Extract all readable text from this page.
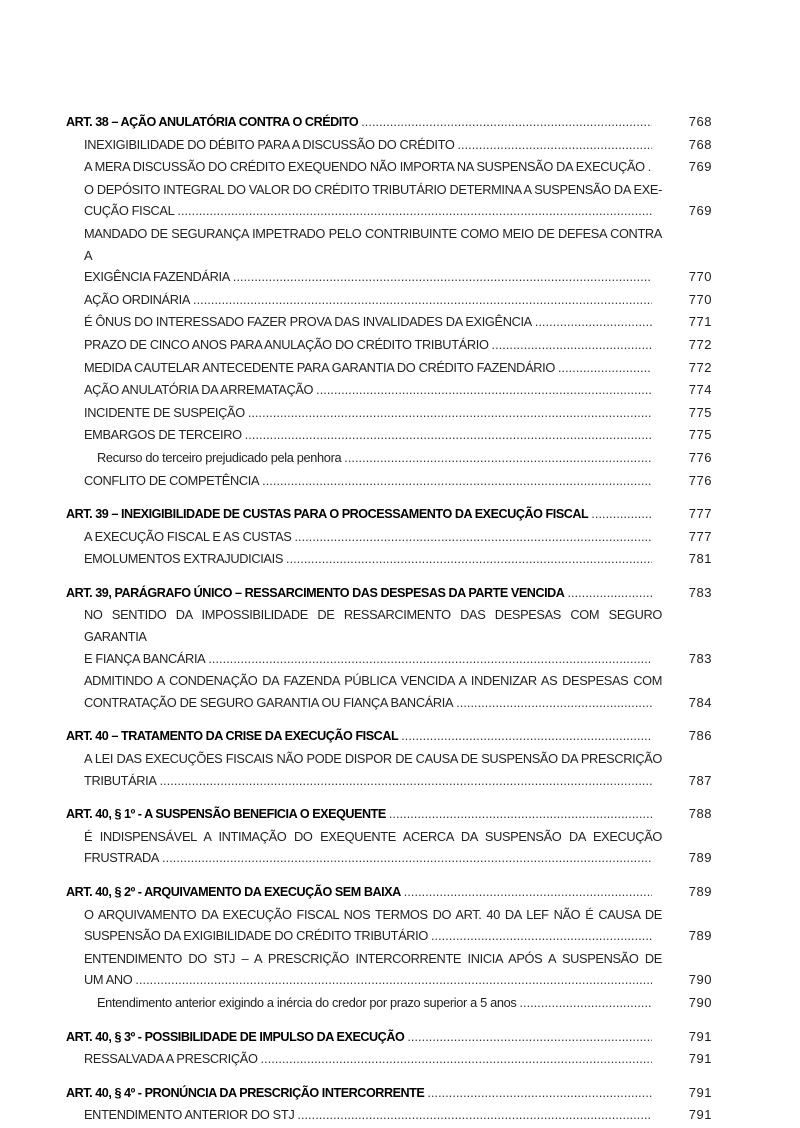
ART. 38 – AÇÃO ANULATÓRIA CONTRA O CRÉDITO .....	768
INEXIGIBILIDADE DO DÉBITO PARA A DISCUSSÃO DO CRÉDITO .....	768
A MERA DISCUSSÃO DO CRÉDITO EXEQUENDO NÃO IMPORTA NA SUSPENSÃO DA EXECUÇÃO .....	769
O DEPÓSITO INTEGRAL DO VALOR DO CRÉDITO TRIBUTÁRIO DETERMINA A SUSPENSÃO DA EXE-
CUÇÃO FISCAL .....	769
MANDADO DE SEGURANÇA IMPETRADO PELO CONTRIBUINTE COMO MEIO DE DEFESA CONTRA A
EXIGÊNCIA FAZENDÁRIA .....	770
AÇÃO ORDINÁRIA .....	770
É ÔNUS DO INTERESSADO FAZER PROVA DAS INVALIDADES DA EXIGÊNCIA .....	771
PRAZO DE CINCO ANOS PARA ANULAÇÃO DO CRÉDITO TRIBUTÁRIO .....	772
MEDIDA CAUTELAR ANTECEDENTE PARA GARANTIA DO CRÉDITO FAZENDÁRIO .....	772
AÇÃO ANULATÓRIA DA ARREMATAÇÃO .....	774
INCIDENTE DE SUSPEIÇÃO .....	775
EMBARGOS DE TERCEIRO .....	775
Recurso do terceiro prejudicado pela penhora .....	776
CONFLITO DE COMPETÊNCIA .....	776
ART. 39 – INEXIGIBILIDADE DE CUSTAS PARA O PROCESSAMENTO DA EXECUÇÃO FISCAL .....	777
A EXECUÇÃO FISCAL E AS CUSTAS .....	777
EMOLUMENTOS EXTRAJUDICIAIS .....	781
ART. 39, PARÁGRAFO ÚNICO – RESSARCIMENTO DAS DESPESAS DA PARTE VENCIDA .....	783
NO SENTIDO DA IMPOSSIBILIDADE DE RESSARCIMENTO DAS DESPESAS COM SEGURO GARANTIA
E FIANÇA BANCÁRIA .....	783
ADMITINDO A CONDENAÇÃO DA FAZENDA PÚBLICA VENCIDA A INDENIZAR AS DESPESAS COM
CONTRATAÇÃO DE SEGURO GARANTIA OU FIANÇA BANCÁRIA .....	784
ART. 40 – TRATAMENTO DA CRISE DA EXECUÇÃO FISCAL .....	786
A LEI DAS EXECUÇÕES FISCAIS NÃO PODE DISPOR DE CAUSA DE SUSPENSÃO DA PRESCRIÇÃO
TRIBUTÁRIA .....	787
ART. 40, § 1º - A SUSPENSÃO BENEFICIA O EXEQUENTE .....	788
É INDISPENSÁVEL A INTIMAÇÃO DO EXEQUENTE ACERCA DA SUSPENSÃO DA EXECUÇÃO
FRUSTRADA .....	789
ART. 40, § 2º - ARQUIVAMENTO DA EXECUÇÃO SEM BAIXA .....	789
O ARQUIVAMENTO DA EXECUÇÃO FISCAL NOS TERMOS DO ART. 40 DA LEF NÃO É CAUSA DE
SUSPENSÃO DA EXIGIBILIDADE DO CRÉDITO TRIBUTÁRIO .....	789
ENTENDIMENTO DO STJ – A PRESCRIÇÃO INTERCORRENTE INICIA APÓS A SUSPENSÃO DE
UM ANO .....	790
Entendimento anterior exigindo a inércia do credor por prazo superior a 5 anos .....	790
ART. 40, § 3º - POSSIBILIDADE DE IMPULSO DA EXECUÇÃO .....	791
RESSALVADA A PRESCRIÇÃO .....	791
ART. 40, § 4º - PRONÚNCIA DA PRESCRIÇÃO INTERCORRENTE .....	791
ENTENDIMENTO ANTERIOR DO STJ .....	791
